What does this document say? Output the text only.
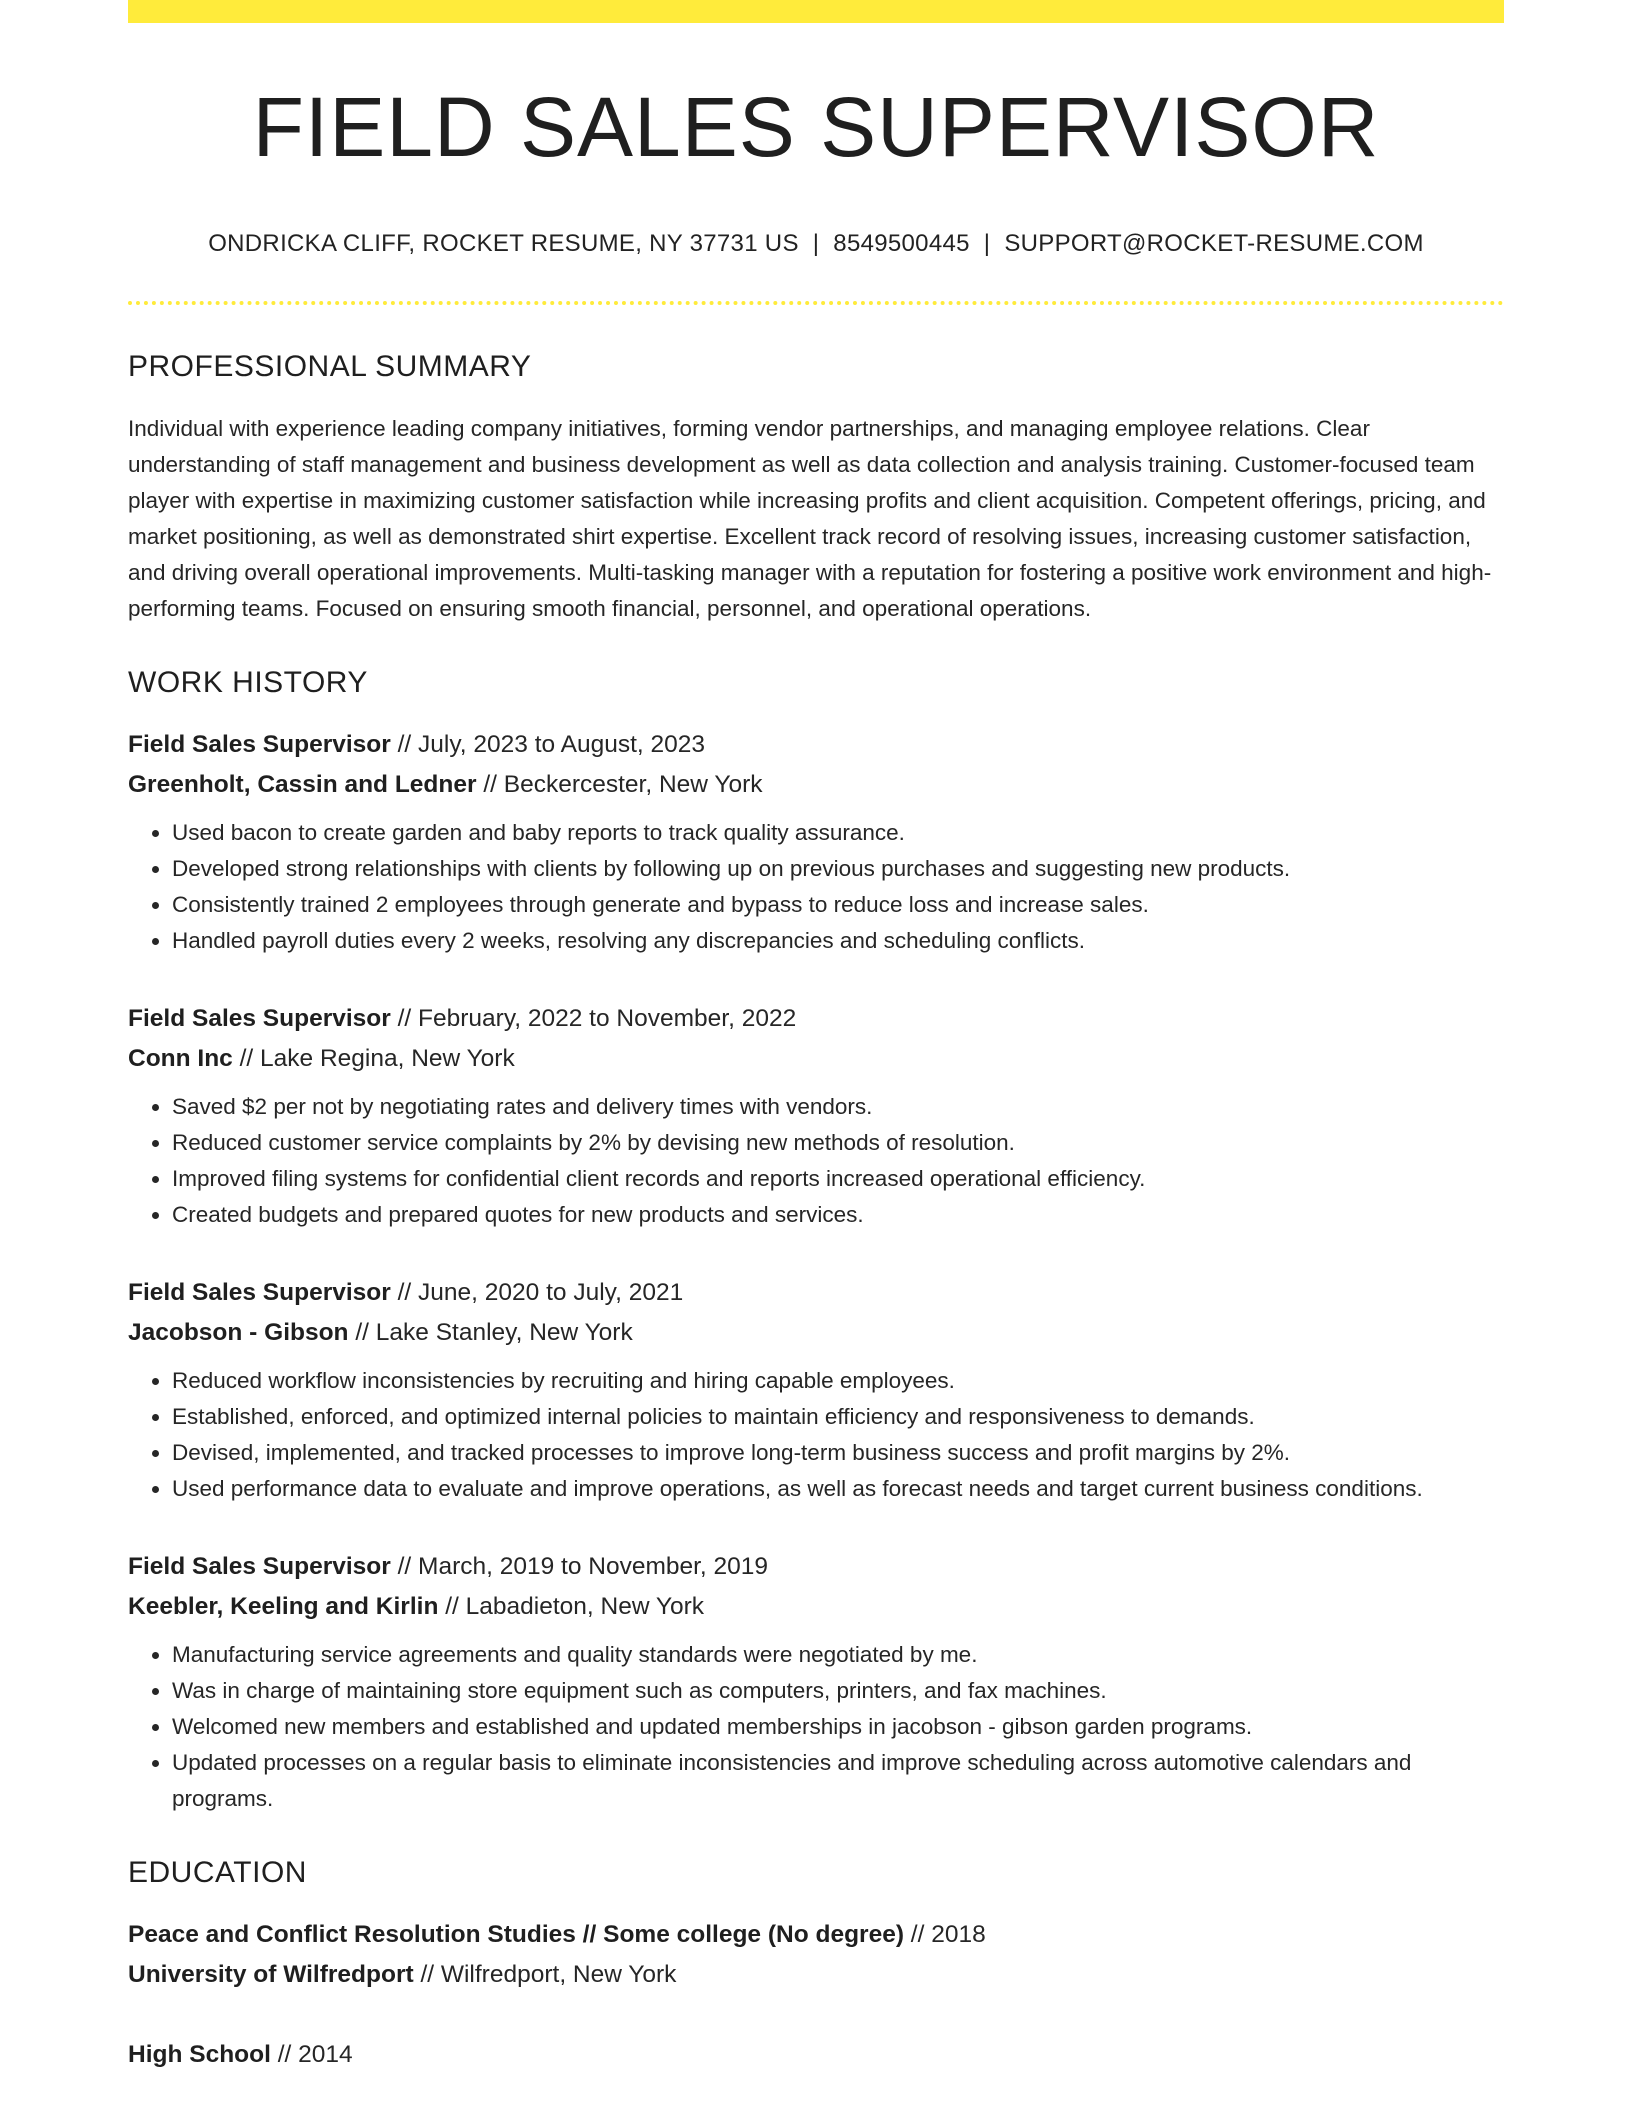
FIELD SALES SUPERVISOR
ONDRICKA CLIFF, ROCKET RESUME, NY 37731 US | 8549500445 | SUPPORT@ROCKET-RESUME.COM
PROFESSIONAL SUMMARY

Individual with experience leading company initiatives, forming vendor partnerships, and managing employee relations. Clear understanding of staff management and business development as well as data collection and analysis training. Customer-focused team player with expertise in maximizing customer satisfaction while increasing profits and client acquisition. Competent offerings, pricing, and market positioning, as well as demonstrated shirt expertise. Excellent track record of resolving issues, increasing customer satisfaction, and driving overall operational improvements. Multi-tasking manager with a reputation for fostering a positive work environment and high-performing teams. Focused on ensuring smooth financial, personnel, and operational operations.

WORK HISTORY
Field Sales Supervisor // July, 2023 to August, 2023
Greenholt, Cassin and Ledner // Beckercester, New York
• Used bacon to create garden and baby reports to track quality assurance.
• Developed strong relationships with clients by following up on previous purchases and suggesting new products.
• Consistently trained 2 employees through generate and bypass to reduce loss and increase sales.
• Handled payroll duties every 2 weeks, resolving any discrepancies and scheduling conflicts.
Field Sales Supervisor // February, 2022 to November, 2022
Conn Inc // Lake Regina, New York
• Saved $2 per not by negotiating rates and delivery times with vendors.
• Reduced customer service complaints by 2% by devising new methods of resolution.
• Improved filing systems for confidential client records and reports increased operational efficiency.
• Created budgets and prepared quotes for new products and services.
Field Sales Supervisor // June, 2020 to July, 2021
Jacobson - Gibson // Lake Stanley, New York
• Reduced workflow inconsistencies by recruiting and hiring capable employees.
• Established, enforced, and optimized internal policies to maintain efficiency and responsiveness to demands.
• Devised, implemented, and tracked processes to improve long-term business success and profit margins by 2%.
• Used performance data to evaluate and improve operations, as well as forecast needs and target current business conditions.
Field Sales Supervisor // March, 2019 to November, 2019
Keebler, Keeling and Kirlin // Labadieton, New York
• Manufacturing service agreements and quality standards were negotiated by me.
• Was in charge of maintaining store equipment such as computers, printers, and fax machines.
• Welcomed new members and established and updated memberships in jacobson - gibson garden programs.
• Updated processes on a regular basis to eliminate inconsistencies and improve scheduling across automotive calendars and programs.
EDUCATION
Peace and Conflict Resolution Studies // Some college (No degree) // 2018
University of Wilfredport // Wilfredport, New York
High School // 2014
